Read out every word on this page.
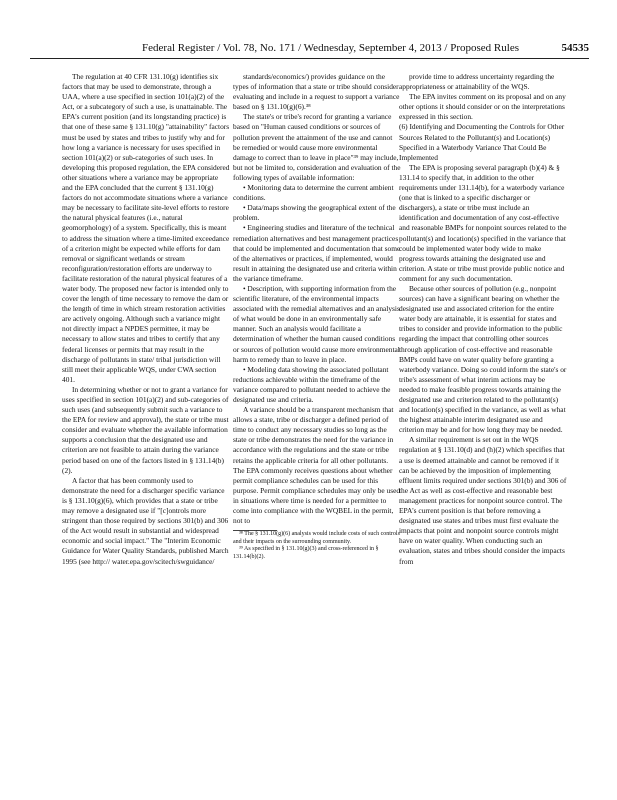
Federal Register / Vol. 78, No. 171 / Wednesday, September 4, 2013 / Proposed Rules	54535

The regulation at 40 CFR 131.10(g) identifies six factors that may be used to demonstrate, through a UAA, where a use specified in section 101(a)(2) of the Act, or a subcategory of such a use, is unattainable. The EPA's current position (and its longstanding practice) is that one of these same § 131.10(g) "attainability" factors must be used by states and tribes to justify why and for how long a variance is necessary for uses specified in section 101(a)(2) or sub-categories of such uses. In developing this proposed regulation, the EPA considered other situations where a variance may be appropriate and the EPA concluded that the current § 131.10(g) factors do not accommodate situations where a variance may be necessary to facilitate site-level efforts to restore the natural physical features (i.e., natural geomorphology) of a system. Specifically, this is meant to address the situation where a time-limited exceedance of a criterion might be expected while efforts for dam removal or significant wetlands or stream reconfiguration/restoration efforts are underway to facilitate restoration of the natural physical features of a water body. The proposed new factor is intended only to cover the length of time necessary to remove the dam or the length of time in which stream restoration activities are actively ongoing. Although such a variance might not directly impact a NPDES permittee, it may be necessary to allow states and tribes to certify that any federal licenses or permits that may result in the discharge of pollutants in state/ tribal jurisdiction will still meet their applicable WQS, under CWA section 401.

In determining whether or not to grant a variance for uses specified in section 101(a)(2) and sub-categories of such uses (and subsequently submit such a variance to the EPA for review and approval), the state or tribe must consider and evaluate whether the available information supports a conclusion that the designated use and criterion are not feasible to attain during the variance period based on one of the factors listed in § 131.14(b)(2).

A factor that has been commonly used to demonstrate the need for a discharger specific variance is § 131.10(g)(6), which provides that a state or tribe may remove a designated use if "[c]ontrols more stringent than those required by sections 301(b) and 306 of the Act would result in substantial and widespread economic and social impact." The "Interim Economic Guidance for Water Quality Standards, published March 1995 (see http:// water.epa.gov/scitech/swguidance/

standards/economics/) provides guidance on the types of information that a state or tribe should consider evaluating and include in a request to support a variance based on § 131.10(g)(6).³⁸

The state's or tribe's record for granting a variance based on "Human caused conditions or sources of pollution prevent the attainment of the use and cannot be remedied or would cause more environmental damage to correct than to leave in place"³⁹ may include, but not be limited to, consideration and evaluation of the following types of available information:

• Monitoring data to determine the current ambient conditions.

• Data/maps showing the geographical extent of the problem.

• Engineering studies and literature of the technical remediation alternatives and best management practices that could be implemented and documentation that some of the alternatives or practices, if implemented, would result in attaining the designated use and criteria within the variance timeframe.

• Description, with supporting information from the scientific literature, of the environmental impacts associated with the remedial alternatives and an analysis of what would be done in an environmentally safe manner. Such an analysis would facilitate a determination of whether the human caused conditions or sources of pollution would cause more environmental harm to remedy than to leave in place.

• Modeling data showing the associated pollutant reductions achievable within the timeframe of the variance compared to pollutant needed to achieve the designated use and criteria.

A variance should be a transparent mechanism that allows a state, tribe or discharger a defined period of time to conduct any necessary studies so long as the state or tribe demonstrates the need for the variance in accordance with the regulations and the state or tribe retains the applicable criteria for all other pollutants. The EPA commonly receives questions about whether permit compliance schedules can be used for this purpose. Permit compliance schedules may only be used in situations where time is needed for a permittee to come into compliance with the WQBEL in the permit, not to

³⁸ The § 131.10(g)(6) analysis would include costs of such controls and their impacts on the surrounding community.

³⁹ As specified in § 131.10(g)(3) and cross-referenced in § 131.14(b)(2).

provide time to address uncertainty regarding the appropriateness or attainability of the WQS.

The EPA invites comment on its proposal and on any other options it should consider or on the interpretations expressed in this section.

(6) Identifying and Documenting the Controls for Other Sources Related to the Pollutant(s) and Location(s) Specified in a Waterbody Variance That Could Be Implemented

The EPA is proposing several paragraph (b)(4) & § 131.14 to specify that, in addition to the other requirements under 131.14(b), for a waterbody variance (one that is linked to a specific discharger or dischargers), a state or tribe must include an identification and documentation of any cost-effective and reasonable BMPs for nonpoint sources related to the pollutant(s) and location(s) specified in the variance that could be implemented water body wide to make progress towards attaining the designated use and criterion. A state or tribe must provide public notice and comment for any such documentation.

Because other sources of pollution (e.g., nonpoint sources) can have a significant bearing on whether the designated use and associated criterion for the entire water body are attainable, it is essential for states and tribes to consider and provide information to the public regarding the impact that controlling other sources through application of cost-effective and reasonable BMPs could have on water quality before granting a waterbody variance. Doing so could inform the state's or tribe's assessment of what interim actions may be needed to make feasible progress towards attaining the designated use and criterion related to the pollutant(s) and location(s) specified in the variance, as well as what the highest attainable interim designated use and criterion may be and for how long they may be needed.

A similar requirement is set out in the WQS regulation at § 131.10(d) and (h)(2) which specifies that a use is deemed attainable and cannot be removed if it can be achieved by the imposition of implementing effluent limits required under sections 301(b) and 306 of the Act as well as cost-effective and reasonable best management practices for nonpoint source control. The EPA's current position is that before removing a designated use states and tribes must first evaluate the impacts that point and nonpoint source controls might have on water quality. When conducting such an evaluation, states and tribes should consider the impacts from
